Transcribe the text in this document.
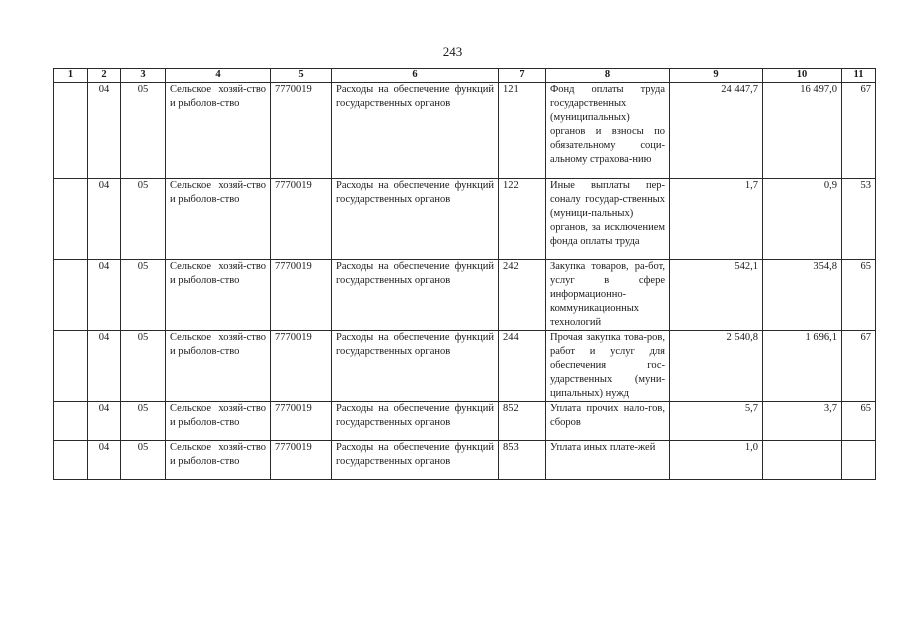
243
1	2	3	4	5	6	7	8	9	10	11
	04	05	Сельское хозяй-ство и рыболов-ство	7770019	Расходы на обеспечение функций государственных органов	121	Фонд оплаты труда государственных (муниципальных) органов и взносы по обязательному соци-альному страхова-нию	24 447,7	16 497,0	67
	04	05	Сельское хозяй-ство и рыболов-ство	7770019	Расходы на обеспечение функций государственных органов	122	Иные выплаты пер-соналу государ-ственных (муници-пальных) органов, за исключением фонда оплаты труда	1,7	0,9	53
	04	05	Сельское хозяй-ство и рыболов-ство	7770019	Расходы на обеспечение функций государственных органов	242	Закупка товаров, ра-бот, услуг в сфере информационно-коммуникационных технологий	542,1	354,8	65
	04	05	Сельское хозяй-ство и рыболов-ство	7770019	Расходы на обеспечение функций государственных органов	244	Прочая закупка това-ров, работ и услуг для обеспечения гос-ударственных (муни-ципальных) нужд	2 540,8	1 696,1	67
	04	05	Сельское хозяй-ство и рыболов-ство	7770019	Расходы на обеспечение функций государственных органов	852	Уплата прочих нало-гов, сборов	5,7	3,7	65
	04	05	Сельское хозяй-ство и рыболов-ство	7770019	Расходы на обеспечение функций государственных органов	853	Уплата иных плате-жей	1,0		
